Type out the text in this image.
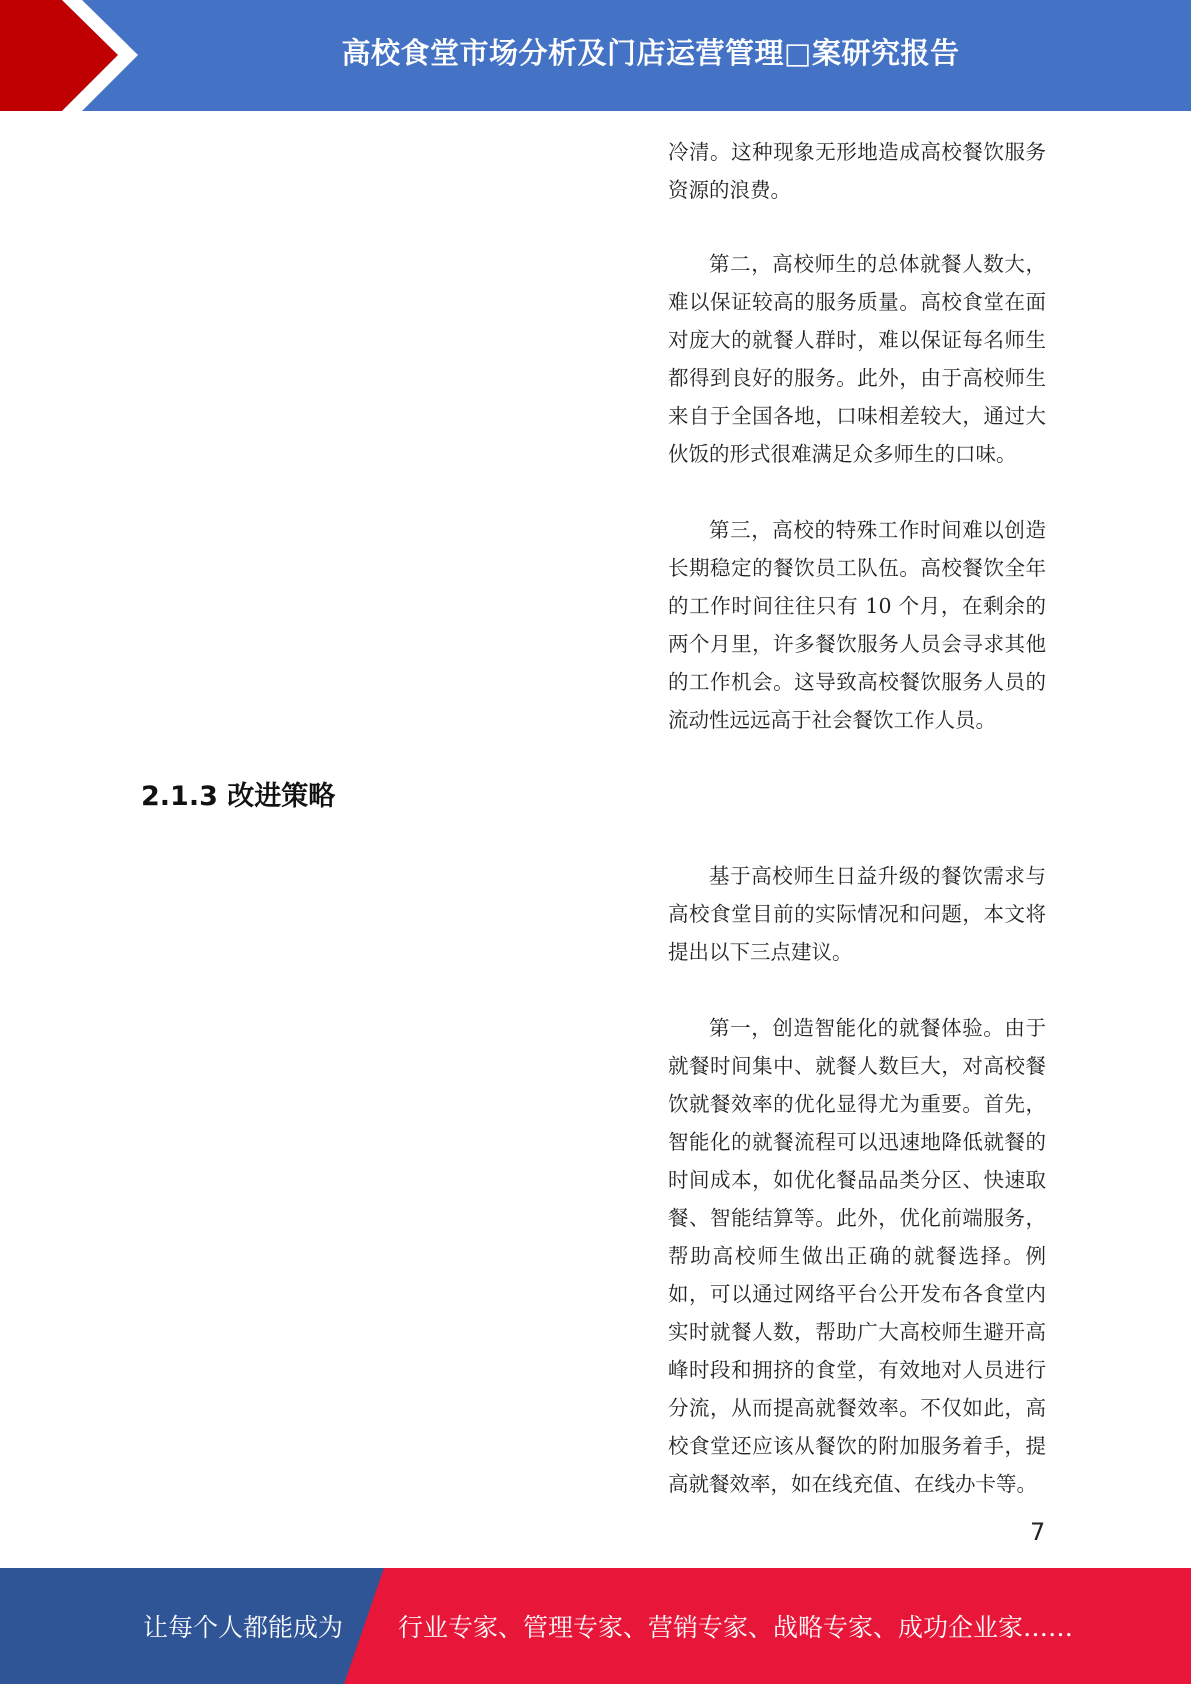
高校食堂市场分析及门店运营管理□案研究报告

冷清。这种现象无形地造成高校餐饮服务资源的浪费。

第二，高校师生的总体就餐人数大，难以保证较高的服务质量。高校食堂在面对庞大的就餐人群时，难以保证每名师生都得到良好的服务。此外，由于高校师生来自于全国各地，口味相差较大，通过大伙饭的形式很难满足众多师生的口味。

第三，高校的特殊工作时间难以创造长期稳定的餐饮员工队伍。高校餐饮全年的工作时间往往只有 10 个月，在剩余的两个月里，许多餐饮服务人员会寻求其他的工作机会。这导致高校餐饮服务人员的流动性远远高于社会餐饮工作人员。

2.1.3 改进策略

基于高校师生日益升级的餐饮需求与高校食堂目前的实际情况和问题，本文将提出以下三点建议。

第一，创造智能化的就餐体验。由于就餐时间集中、就餐人数巨大，对高校餐饮就餐效率的优化显得尤为重要。首先，智能化的就餐流程可以迅速地降低就餐的时间成本，如优化餐品品类分区、快速取餐、智能结算等。此外，优化前端服务，帮助高校师生做出正确的就餐选择。例如，可以通过网络平台公开发布各食堂内实时就餐人数，帮助广大高校师生避开高峰时段和拥挤的食堂，有效地对人员进行分流，从而提高就餐效率。不仅如此，高校食堂还应该从餐饮的附加服务着手，提高就餐效率，如在线充值、在线办卡等。

7
让每个人都能成为 行业专家、管理专家、营销专家、战略专家、成功企业家……
